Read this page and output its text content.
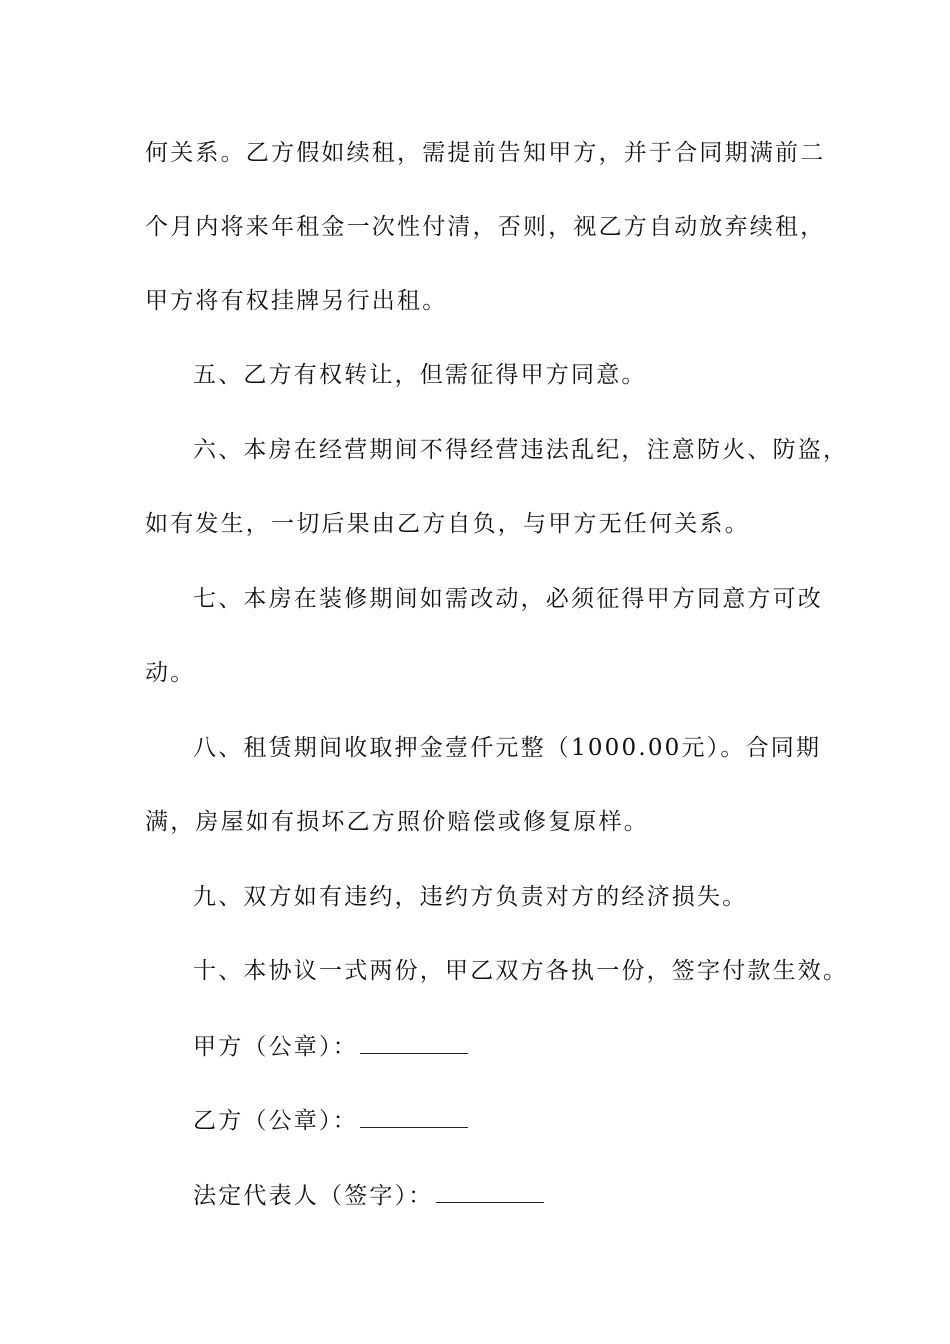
何关系。乙方假如续租，需提前告知甲方，并于合同期满前二
个月内将来年租金一次性付清，否则，视乙方自动放弃续租，
甲方将有权挂牌另行出租。
五、乙方有权转让，但需征得甲方同意。
六、本房在经营期间不得经营违法乱纪，注意防火、防盗，
如有发生，一切后果由乙方自负，与甲方无任何关系。
七、本房在装修期间如需改动，必须征得甲方同意方可改
动。
八、租赁期间收取押金壹仟元整（1000.00元）。合同期
满，房屋如有损坏乙方照价赔偿或修复原样。
九、双方如有违约，违约方负责对方的经济损失。
十、本协议一式两份，甲乙双方各执一份，签字付款生效。
甲方（公章）：
乙方（公章）：
法定代表人（签字）：
